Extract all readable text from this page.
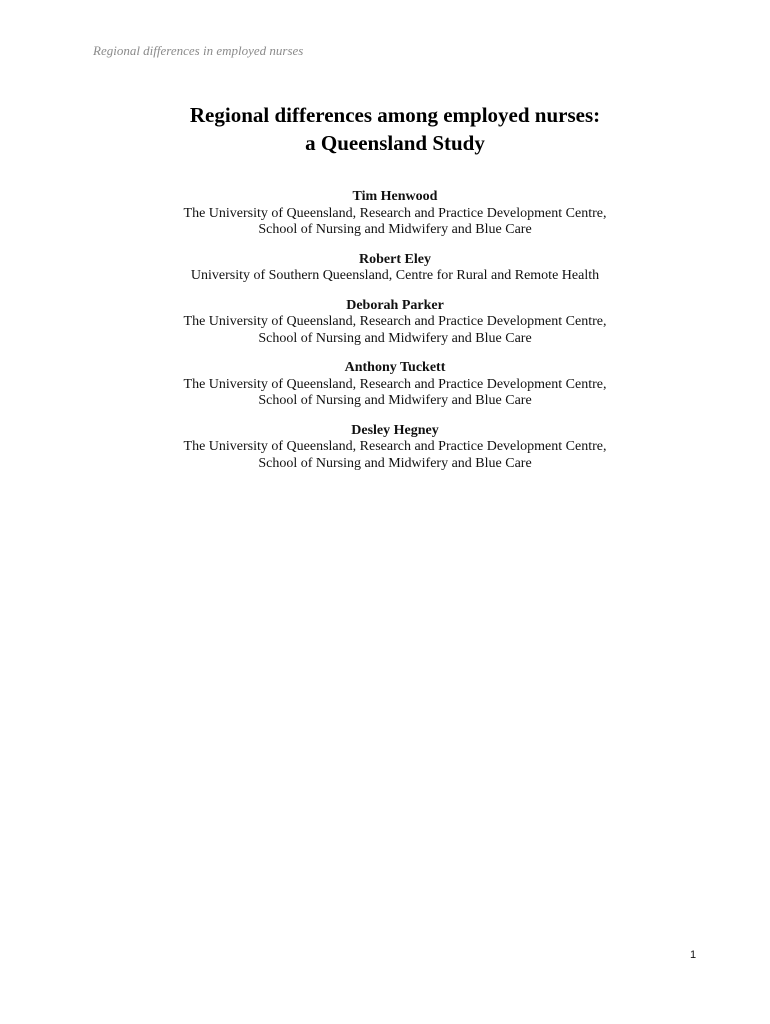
Regional differences in employed nurses
Regional differences among employed nurses:
a Queensland Study
Tim Henwood
The University of Queensland, Research and Practice Development Centre,
School of Nursing and Midwifery and Blue Care
Robert Eley
University of Southern Queensland, Centre for Rural and Remote Health
Deborah Parker
The University of Queensland, Research and Practice Development Centre,
School of Nursing and Midwifery and Blue Care
Anthony Tuckett
The University of Queensland, Research and Practice Development Centre,
School of Nursing and Midwifery and Blue Care
Desley Hegney
The University of Queensland, Research and Practice Development Centre,
School of Nursing and Midwifery and Blue Care
1
